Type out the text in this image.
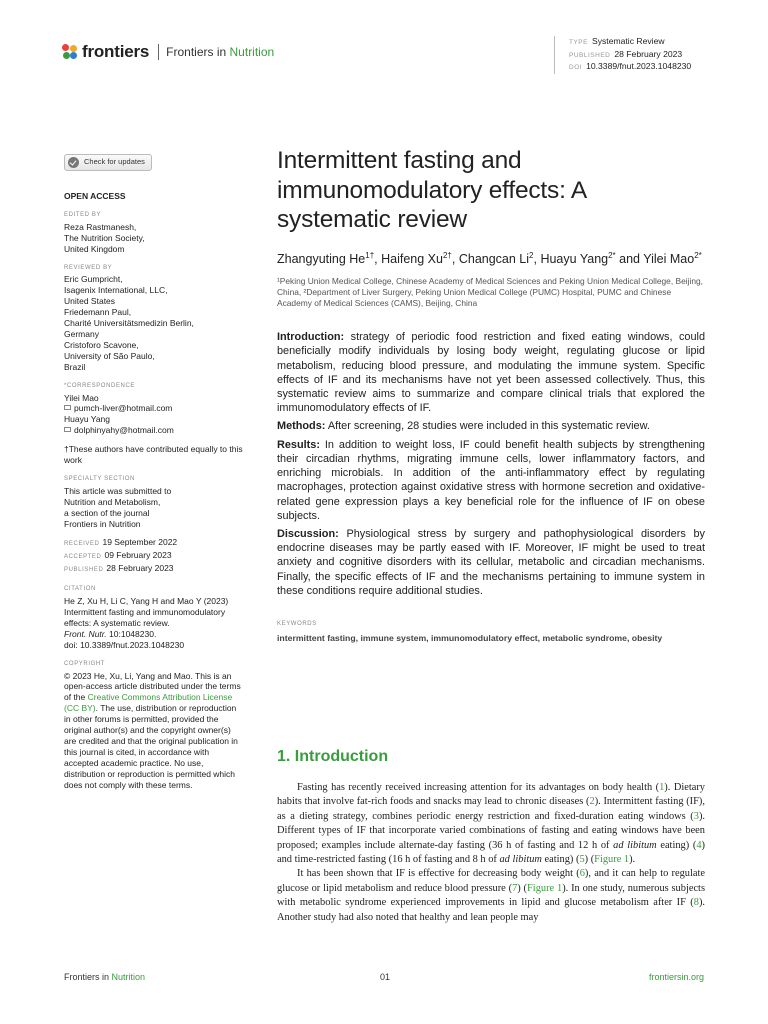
frontiers Frontiers in Nutrition
TYPE Systematic Review
PUBLISHED 28 February 2023
DOI 10.3389/fnut.2023.1048230
Check for updates
OPEN ACCESS
EDITED BY
Reza Rastmanesh,
The Nutrition Society,
United Kingdom
REVIEWED BY
Eric Gumpricht,
Isagenix International, LLC,
United States
Friedemann Paul,
Charité Universitätsmedizin Berlin,
Germany
Cristoforo Scavone,
University of São Paulo,
Brazil
*CORRESPONDENCE
Yilei Mao
pumch-liver@hotmail.com
Huayu Yang
dolphinyahy@hotmail.com
†These authors have contributed equally to this
work
SPECIALTY SECTION
This article was submitted to
Nutrition and Metabolism,
a section of the journal
Frontiers in Nutrition
RECEIVED 19 September 2022
ACCEPTED 09 February 2023
PUBLISHED 28 February 2023
CITATION
He Z, Xu H, Li C, Yang H and Mao Y (2023)
Intermittent fasting and immunomodulatory
effects: A systematic review.
Front. Nutr. 10:1048230.
doi: 10.3389/fnut.2023.1048230
COPYRIGHT
© 2023 He, Xu, Li, Yang and Mao. This is an
open-access article distributed under the terms
of the Creative Commons Attribution License
(CC BY). The use, distribution or reproduction
in other forums is permitted, provided the
original author(s) and the copyright owner(s)
are credited and that the original publication in
this journal is cited, in accordance with
accepted academic practice. No use,
distribution or reproduction is permitted which
does not comply with these terms.
Intermittent fasting and immunomodulatory effects: A systematic review
Zhangyuting $He^{1\dagger}$, Haifeng $Xu^{2\dagger}$, Changcan Li$^2$, Huayu Yang$^{2*}$ and Yilei Mao$^{2*}$
¹Peking Union Medical College, Chinese Academy of Medical Sciences and Peking Union Medical College, Beijing, China, ²Department of Liver Surgery, Peking Union Medical College (PUMC) Hospital, PUMC and Chinese Academy of Medical Sciences (CAMS), Beijing, China

Introduction: strategy of periodic food restriction and fixed eating windows, could beneficially modify individuals by losing body weight, regulating glucose or lipid metabolism, reducing blood pressure, and modulating the immune system. Specific effects of IF and its mechanisms have not yet been assessed collectively. Thus, this systematic review aims to summarize and compare clinical trials that explored the immunomodulatory effects of IF.

Methods: After screening, 28 studies were included in this systematic review.

Results: In addition to weight loss, IF could benefit health subjects by strengthening their circadian rhythms, migrating immune cells, lower inflammatory factors, and enriching microbials. In addition of the anti-inflammatory effect by regulating macrophages, protection against oxidative stress with hormone secretion and oxidative-related gene expression plays a key beneficial role for the influence of IF on obese subjects.

Discussion: Physiological stress by surgery and pathophysiological disorders by endocrine diseases may be partly eased with IF. Moreover, IF might be used to treat anxiety and cognitive disorders with its cellular, metabolic and circadian mechanisms. Finally, the specific effects of IF and the mechanisms pertaining to immune system in these conditions require additional studies.

KEYWORDS
intermittent fasting, immune system, immunomodulatory effect, metabolic syndrome, obesity
1. Introduction

Fasting has recently received increasing attention for its advantages on body health (1). Dietary habits that involve fat-rich foods and snacks may lead to chronic diseases (2). Intermittent fasting (IF), as a dieting strategy, combines periodic energy restriction and fixed-duration eating windows (3). Different types of IF that incorporate varied combinations of fasting and eating windows have been proposed; examples include alternate-day fasting (36 h of fasting and 12 h of ad libitum eating) (4) and time-restricted fasting (16 h of fasting and 8 h of ad libitum eating) (5) (Figure 1).

It has been shown that IF is effective for decreasing body weight (6), and it can help to regulate glucose or lipid metabolism and reduce blood pressure (7) (Figure 1). In one study, numerous subjects with metabolic syndrome experienced improvements in lipid and glucose metabolism after IF (8). Another study had also noted that healthy and lean people may

Frontiers in Nutrition	01	frontiersin.org
